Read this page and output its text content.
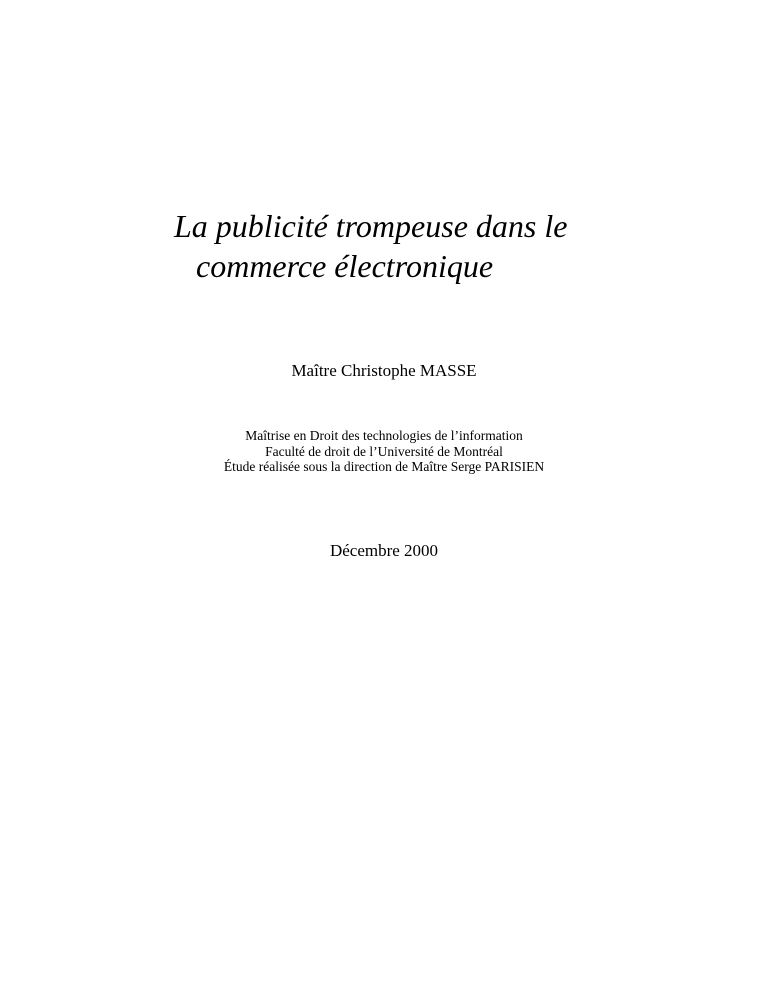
La publicité trompeuse dans le

commerce électronique
Maître Christophe MASSE
Maîtrise en Droit des technologies de l’information
Faculté de droit de l’Université de Montréal
Étude réalisée sous la direction de Maître Serge PARISIEN
Décembre 2000
